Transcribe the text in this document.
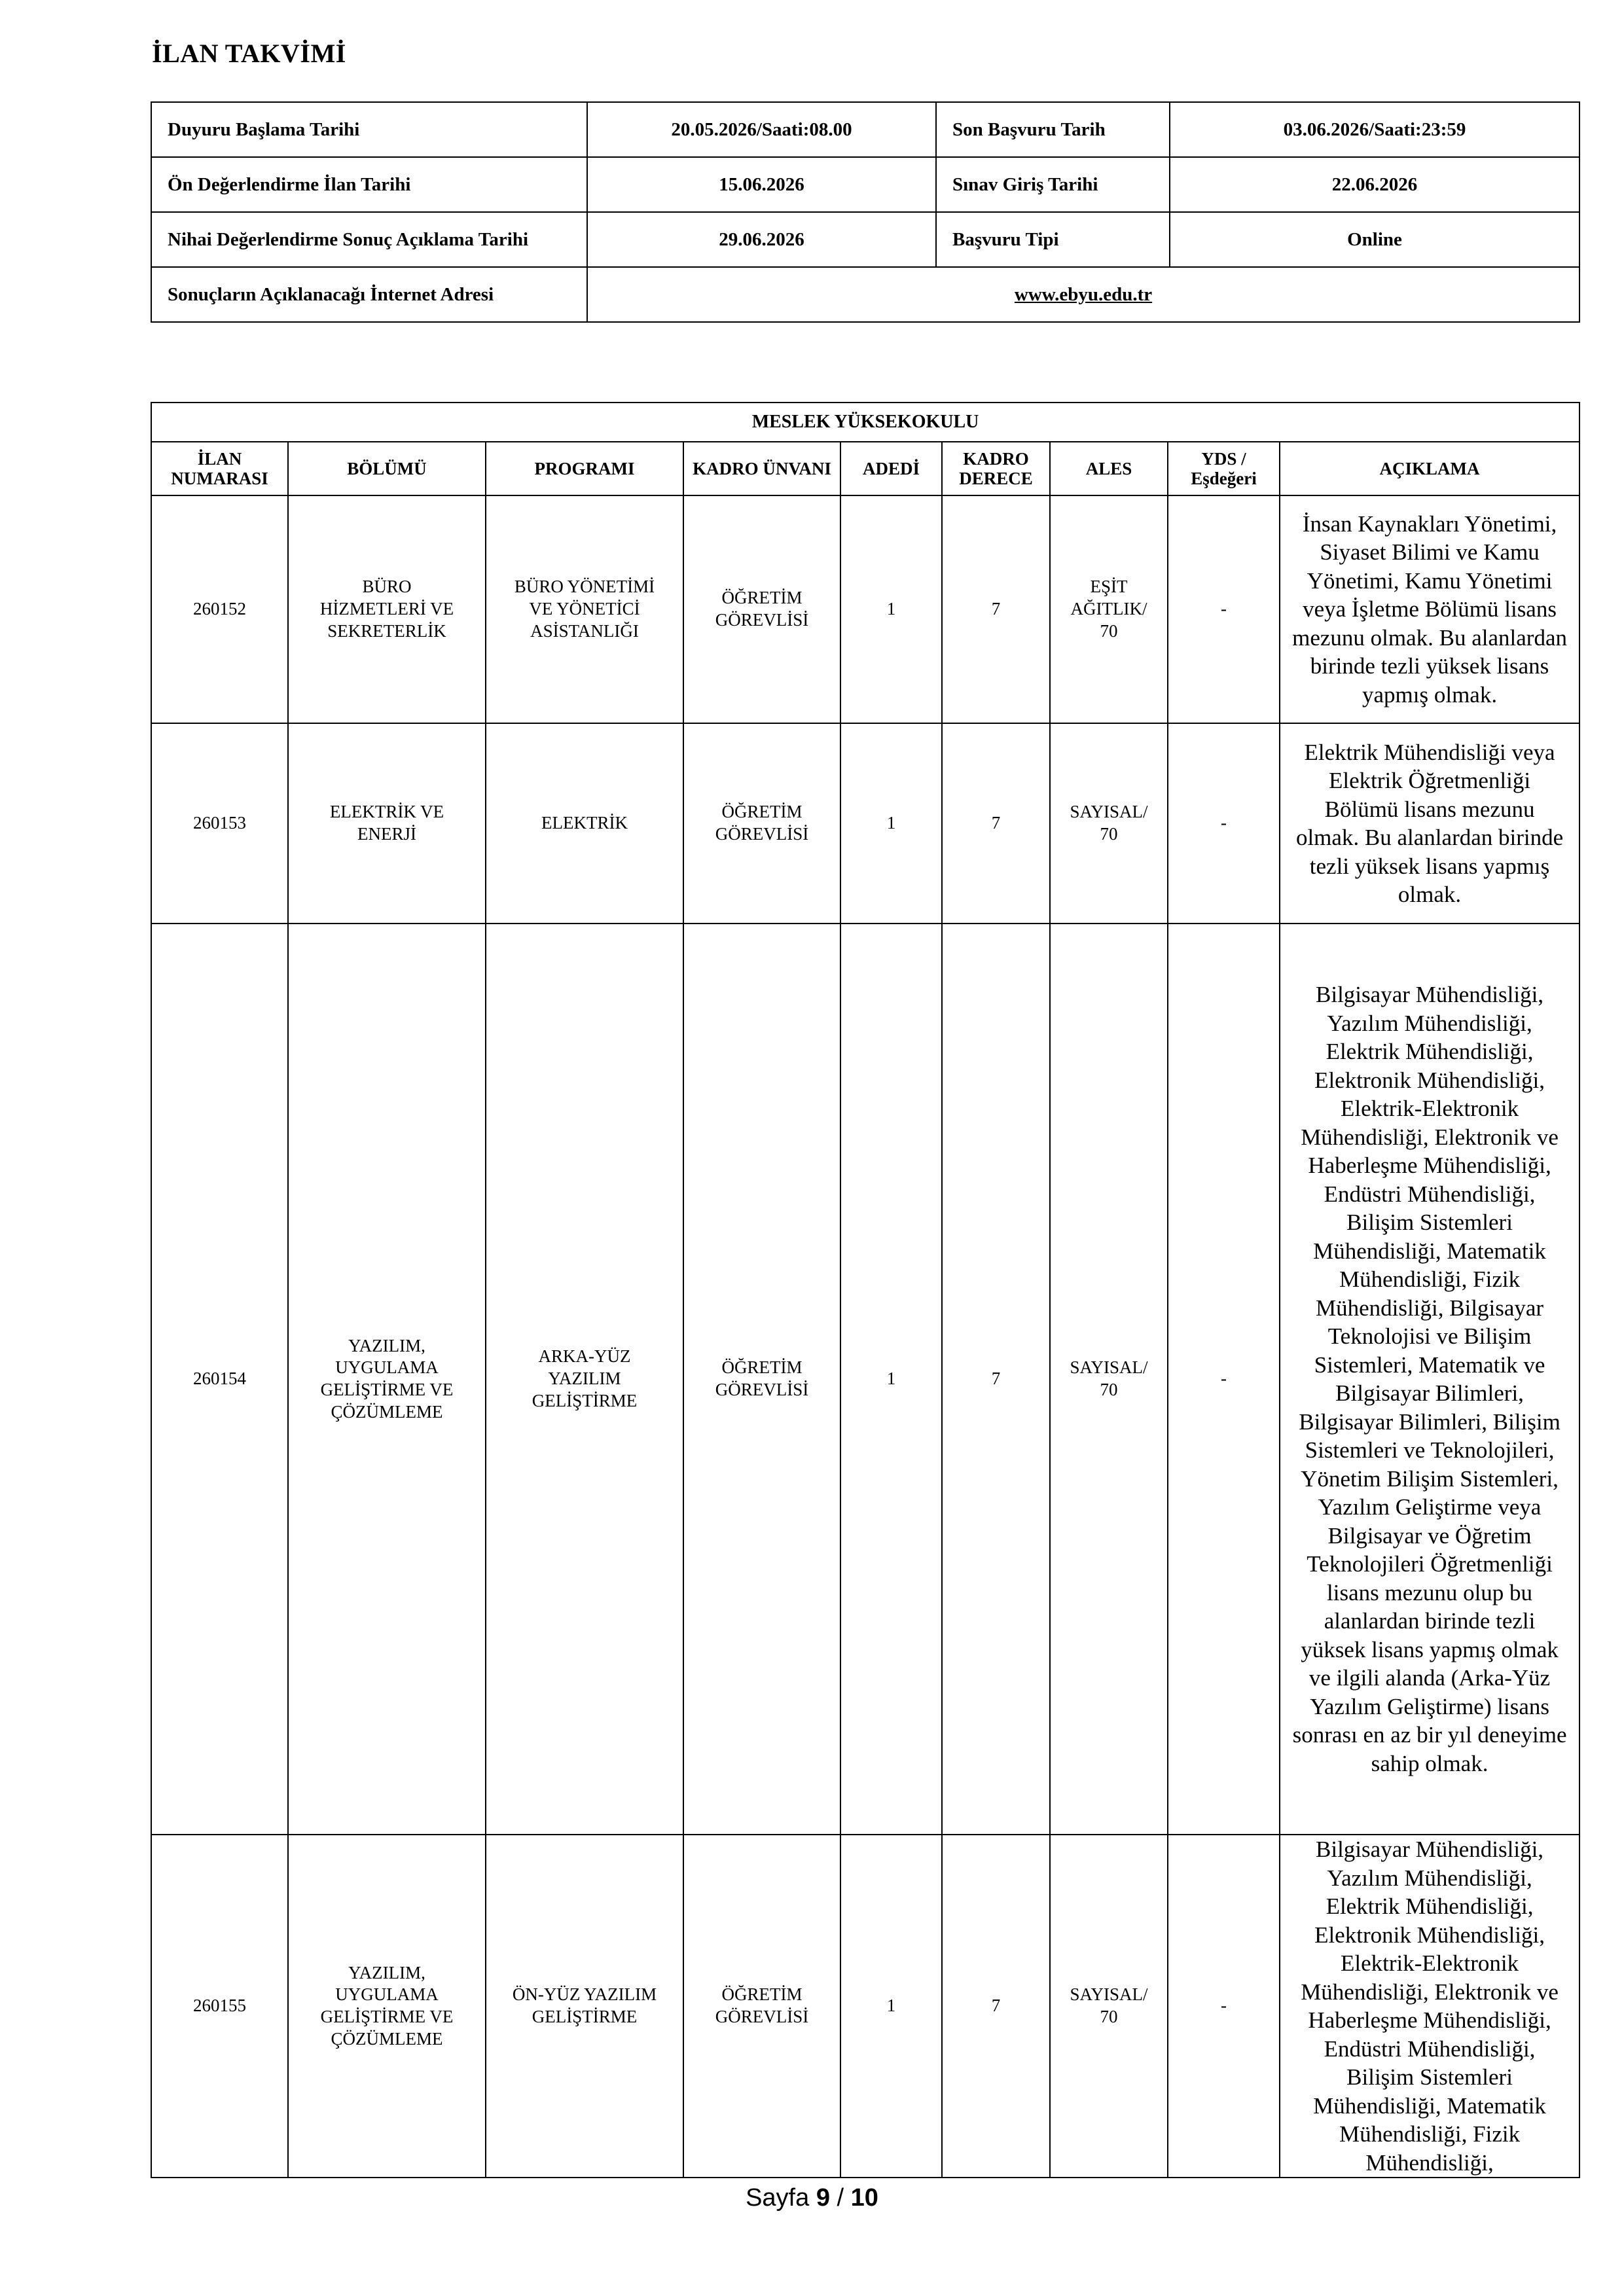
İLAN TAKVİMİ
Duyuru Başlama Tarihi	20.05.2026/Saati:08.00	Son Başvuru Tarih	03.06.2026/Saati:23:59
Ön Değerlendirme İlan Tarihi	15.06.2026	Sınav Giriş Tarihi	22.06.2026
Nihai Değerlendirme Sonuç Açıklama Tarihi	29.06.2026	Başvuru Tipi	Online
Sonuçların Açıklanacağı İnternet Adresi	www.ebyu.edu.tr		
MESLEK YÜKSEKOKULU								
İLAN NUMARASI	BÖLÜMÜ	PROGRAMI	KADRO ÜNVANI	ADEDİ	KADRO DERECE	ALES	YDS / Eşdeğeri	AÇIKLAMA
260152	BÜRO HİZMETLERİ VE SEKRETERLİK	BÜRO YÖNETİMİ VE YÖNETİCİ ASİSTANLIĞI	ÖĞRETİM GÖREVLİSİ	1	7	EŞİT AĞITLIK/ 70	-	İnsan Kaynakları Yönetimi, Siyaset Bilimi ve Kamu Yönetimi, Kamu Yönetimi veya İşletme Bölümü lisans mezunu olmak. Bu alanlardan birinde tezli yüksek lisans yapmış olmak.
260153	ELEKTRİK VE ENERJİ	ELEKTRİK	ÖĞRETİM GÖREVLİSİ	1	7	SAYISAL/ 70	-	Elektrik Mühendisliği veya Elektrik Öğretmenliği Bölümü lisans mezunu olmak. Bu alanlardan birinde tezli yüksek lisans yapmış olmak.
260154	YAZILIM, UYGULAMA GELİŞTİRME VE ÇÖZÜMLEME	ARKA-YÜZ YAZILIM GELİŞTİRME	ÖĞRETİM GÖREVLİSİ	1	7	SAYISAL/ 70	-	Bilgisayar Mühendisliği, Yazılım Mühendisliği, Elektrik Mühendisliği, Elektronik Mühendisliği, Elektrik-Elektronik Mühendisliği, Elektronik ve Haberleşme Mühendisliği, Endüstri Mühendisliği, Bilişim Sistemleri Mühendisliği, Matematik Mühendisliği, Fizik Mühendisliği, Bilgisayar Teknolojisi ve Bilişim Sistemleri, Matematik ve Bilgisayar Bilimleri, Bilgisayar Bilimleri, Bilişim Sistemleri ve Teknolojileri, Yönetim Bilişim Sistemleri, Yazılım Geliştirme veya Bilgisayar ve Öğretim Teknolojileri Öğretmenliği lisans mezunu olup bu alanlardan birinde tezli yüksek lisans yapmış olmak ve ilgili alanda (Arka-Yüz Yazılım Geliştirme) lisans sonrası en az bir yıl deneyime sahip olmak.
260155	YAZILIM, UYGULAMA GELİŞTİRME VE ÇÖZÜMLEME	ÖN-YÜZ YAZILIM GELİŞTİRME	ÖĞRETİM GÖREVLİSİ	1	7	SAYISAL/ 70	-	Bilgisayar Mühendisliği, Yazılım Mühendisliği, Elektrik Mühendisliği, Elektronik Mühendisliği, Elektrik-Elektronik Mühendisliği, Elektronik ve Haberleşme Mühendisliği, Endüstri Mühendisliği, Bilişim Sistemleri Mühendisliği, Matematik Mühendisliği, Fizik Mühendisliği,
Sayfa 9 / 10
